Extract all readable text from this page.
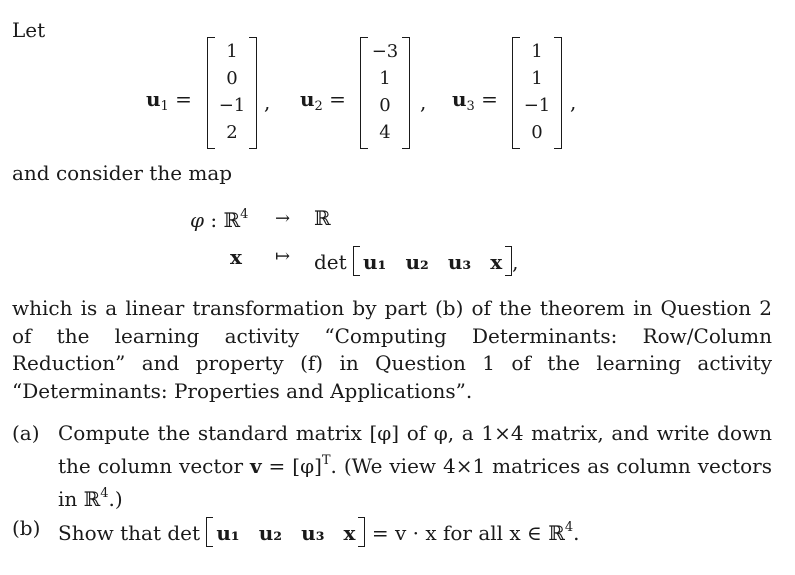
Let
$u_1$ =
1
0
−1
2
, $u_2$ =
−3
1
0
4
, $u_3$ =
1
1
−1
0
,
and consider the map
φ : ℝ$^4$ → ℝ
x ↦ det u₁ u₂ u₃ x ,
which is a linear transformation by part (b) of the theorem in Question 2 of the learning activity “Computing Determinants: Row/Column Reduction” and property (f) in Question 1 of the learning activity “Determinants: Properties and Applications”.
(a) Compute the standard matrix [φ] of φ, a 1×4 matrix, and write down the column vector $v = [\varphi]^T$. (We view 4×1 matrices as column vectors in ℝ$^4$.)
(b) Show that det u₁ u₂ u₃ x = v · x for all x ∈ ℝ$^4$.
